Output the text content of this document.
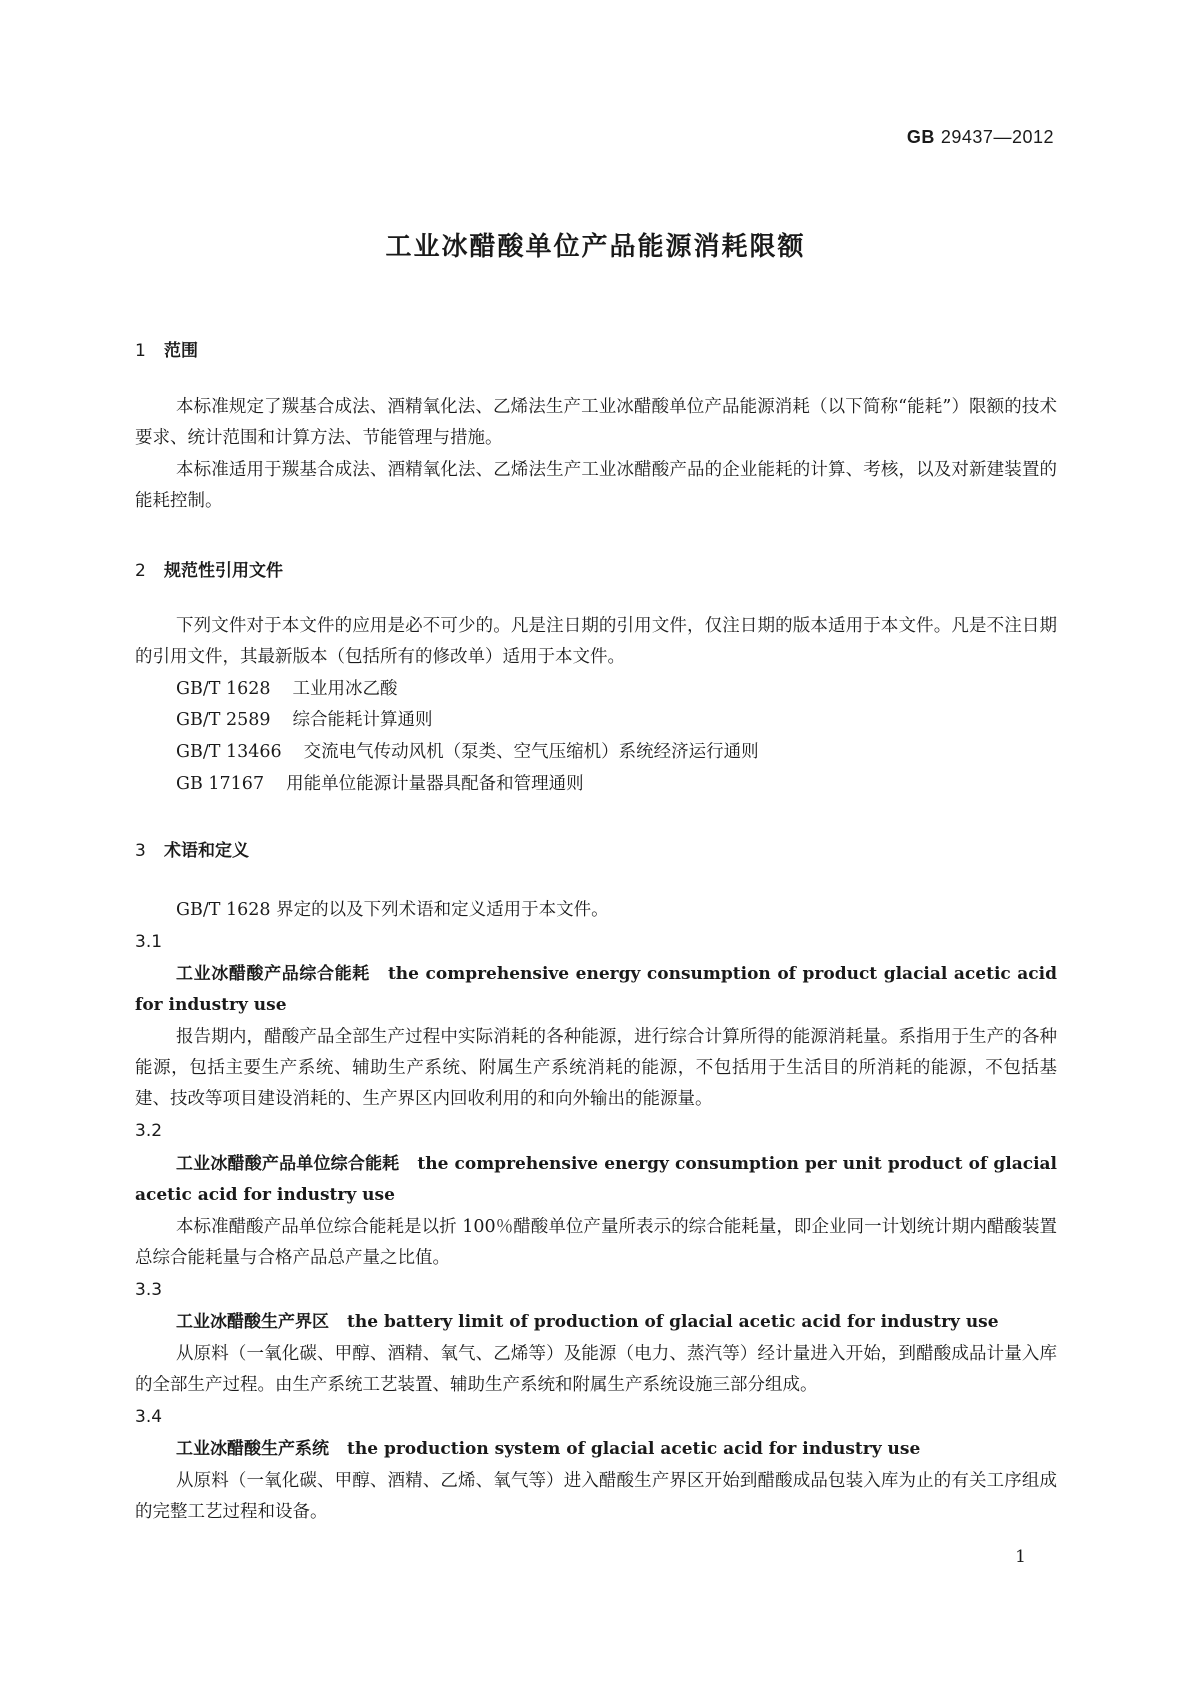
GB 29437—2012
工业冰醋酸单位产品能源消耗限额
1 范围
本标准规定了羰基合成法、酒精氧化法、乙烯法生产工业冰醋酸单位产品能源消耗（以下简称“能耗”）限额的技术要求、统计范围和计算方法、节能管理与措施。
本标准适用于羰基合成法、酒精氧化法、乙烯法生产工业冰醋酸产品的企业能耗的计算、考核，以及对新建装置的能耗控制。
2 规范性引用文件
下列文件对于本文件的应用是必不可少的。凡是注日期的引用文件，仅注日期的版本适用于本文件。凡是不注日期的引用文件，其最新版本（包括所有的修改单）适用于本文件。
GB/T 1628 工业用冰乙酸
GB/T 2589 综合能耗计算通则
GB/T 13466 交流电气传动风机（泵类、空气压缩机）系统经济运行通则
GB 17167 用能单位能源计量器具配备和管理通则
3 术语和定义
GB/T 1628 界定的以及下列术语和定义适用于本文件。
3.1
工业冰醋酸产品综合能耗 the comprehensive energy consumption of product glacial acetic acid for industry use
报告期内，醋酸产品全部生产过程中实际消耗的各种能源，进行综合计算所得的能源消耗量。系指用于生产的各种能源，包括主要生产系统、辅助生产系统、附属生产系统消耗的能源，不包括用于生活目的所消耗的能源，不包括基建、技改等项目建设消耗的、生产界区内回收利用的和向外输出的能源量。
3.2
工业冰醋酸产品单位综合能耗 the comprehensive energy consumption per unit product of glacial acetic acid for industry use
本标准醋酸产品单位综合能耗是以折 100％醋酸单位产量所表示的综合能耗量，即企业同一计划统计期内醋酸装置总综合能耗量与合格产品总产量之比值。
3.3
工业冰醋酸生产界区 the battery limit of production of glacial acetic acid for industry use
从原料（一氧化碳、甲醇、酒精、氧气、乙烯等）及能源（电力、蒸汽等）经计量进入开始，到醋酸成品计量入库的全部生产过程。由生产系统工艺装置、辅助生产系统和附属生产系统设施三部分组成。
3.4
工业冰醋酸生产系统 the production system of glacial acetic acid for industry use
从原料（一氧化碳、甲醇、酒精、乙烯、氧气等）进入醋酸生产界区开始到醋酸成品包装入库为止的有关工序组成的完整工艺过程和设备。
1
